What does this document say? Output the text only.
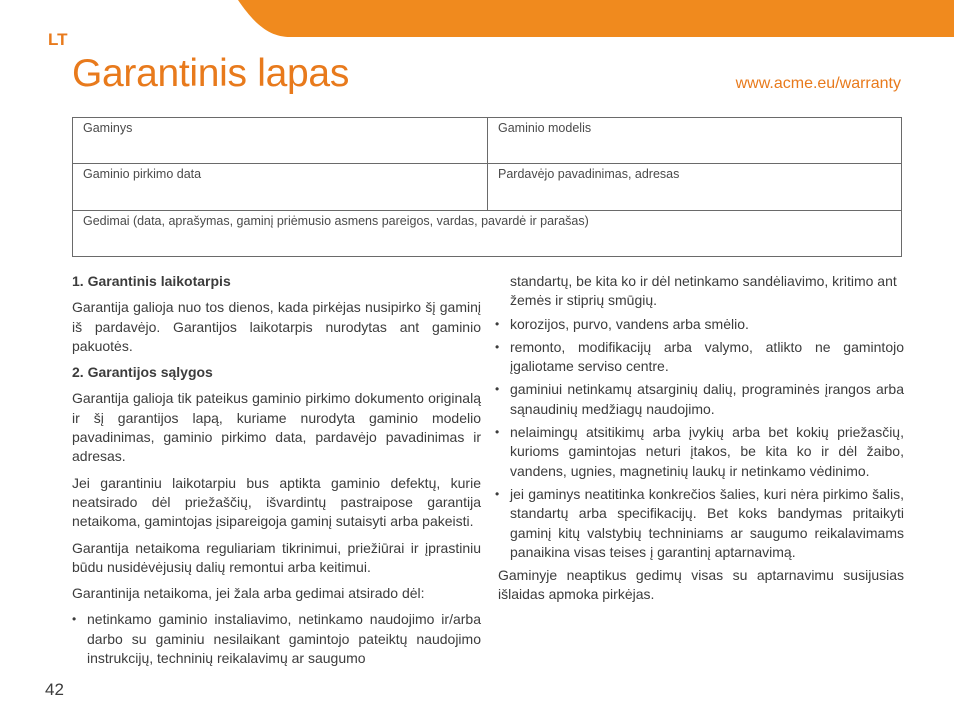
LT
Garantinis lapas	www.acme.eu/warranty
Gaminys	Gaminio modelis
Gaminio pirkimo data	Pardavėjo pavadinimas, adresas
Gedimai (data, aprašymas, gaminį priėmusio asmens pareigos, vardas, pavardė ir parašas)
1. Garantinis laikotarpis

Garantija galioja nuo tos dienos, kada pirkėjas nusipirko šį gaminį iš pardavėjo. Garantijos laikotarpis nurodytas ant gaminio pakuotės.

2. Garantijos sąlygos

Garantija galioja tik pateikus gaminio pirkimo dokumento originalą ir šį garantijos lapą, kuriame nurodyta gaminio modelio pavadinimas, gaminio pirkimo data, pardavėjo pavadinimas ir adresas.

Jei garantiniu laikotarpiu bus aptikta gaminio defektų, kurie neatsirado dėl priežaščių, išvardintų pastraipose garantija netaikoma, gamintojas įsipareigoja gaminį sutaisyti arba pakeisti.

Garantija netaikoma reguliariam tikrinimui, priežiūrai ir įprastiniu būdu nusidėvėjusių dalių remontui arba keitimui.

Garantinija netaikoma, jei žala arba gedimai atsirado dėl:

• netinkamo gaminio instaliavimo, netinkamo naudojimo ir/arba darbo su gaminiu nesilaikant gamintojo pateiktų naudojimo instrukcijų, techninių reikalavimų ar saugumo
standartų, be kita ko ir dėl netinkamo sandėliavimo, kritimo ant žemės ir stiprių smūgių.
• korozijos, purvo, vandens arba smėlio.
• remonto, modifikacijų arba valymo, atlikto ne gamintojo įgaliotame serviso centre.
• gaminiui netinkamų atsarginių dalių, programinės įrangos arba sąnaudinių medžiagų naudojimo.
• nelaimingų atsitikimų arba įvykių arba bet kokių priežasčių, kurioms gamintojas neturi įtakos, be kita ko ir dėl žaibo, vandens, ugnies, magnetinių laukų ir netinkamo vėdinimo.
• jei gaminys neatitinka konkrečios šalies, kuri nėra pirkimo šalis, standartų arba specifikacijų. Bet koks bandymas pritaikyti gaminį kitų valstybių techniniams ar saugumo reikalavimams panaikina visas teises į garantinį aptarnavimą.

Gaminyje neaptikus gedimų visas su aptarnavimu susijusias išlaidas apmoka pirkėjas.

42
